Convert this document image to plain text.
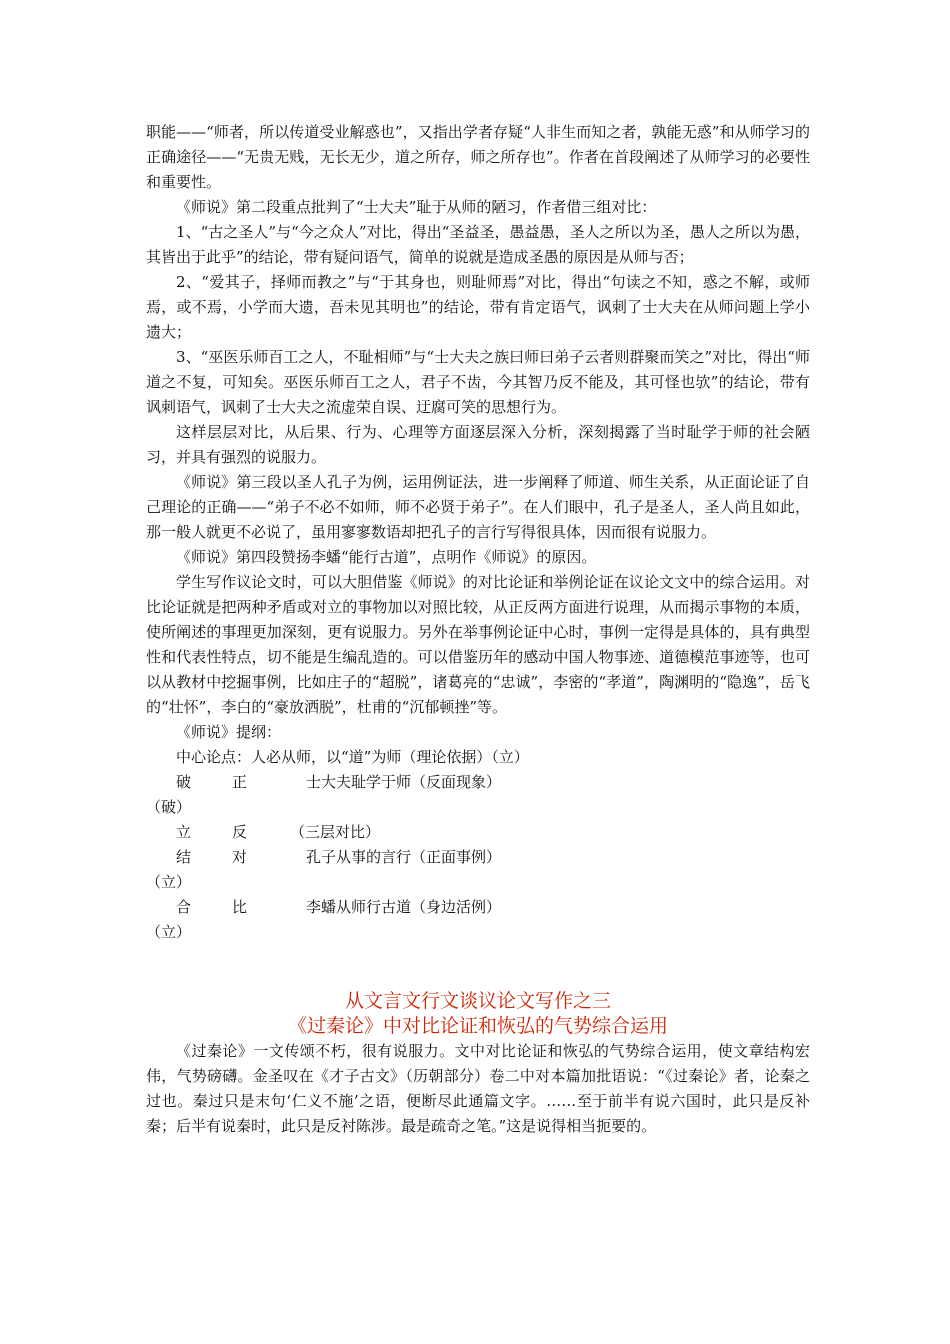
职能——“师者，所以传道受业解惑也”，又指出学者存疑“人非生而知之者，孰能无惑”和从师学习的正确途径——“无贵无贱，无长无少，道之所存，师之所存也”。作者在首段阐述了从师学习的必要性和重要性。

《师说》第二段重点批判了“士大夫”耻于从师的陋习，作者借三组对比：

1、“古之圣人”与“今之众人”对比，得出“圣益圣，愚益愚，圣人之所以为圣，愚人之所以为愚，其皆出于此乎”的结论，带有疑问语气，简单的说就是造成圣愚的原因是从师与否；

2、“爱其子，择师而教之”与“于其身也，则耻师焉”对比，得出“句读之不知，惑之不解，或师焉，或不焉，小学而大遗，吾未见其明也”的结论，带有肯定语气，讽刺了士大夫在从师问题上学小遗大；

3、“巫医乐师百工之人，不耻相师”与“士大夫之族曰师曰弟子云者则群聚而笑之”对比，得出“师道之不复，可知矣。巫医乐师百工之人，君子不齿，今其智乃反不能及，其可怪也欤”的结论，带有讽刺语气，讽刺了士大夫之流虚荣自误、迂腐可笑的思想行为。

这样层层对比，从后果、行为、心理等方面逐层深入分析，深刻揭露了当时耻学于师的社会陋习，并具有强烈的说服力。

《师说》第三段以圣人孔子为例，运用例证法，进一步阐释了师道、师生关系，从正面论证了自己理论的正确——“弟子不必不如师，师不必贤于弟子”。在人们眼中，孔子是圣人，圣人尚且如此，那一般人就更不必说了，虽用寥寥数语却把孔子的言行写得很具体，因而很有说服力。

《师说》第四段赞扬李蟠“能行古道”，点明作《师说》的原因。

学生写作议论文时，可以大胆借鉴《师说》的对比论证和举例论证在议论文文中的综合运用。对比论证就是把两种矛盾或对立的事物加以对照比较，从正反两方面进行说理，从而揭示事物的本质，使所阐述的事理更加深刻，更有说服力。另外在举事例论证中心时，事例一定得是具体的，具有典型性和代表性特点，切不能是生编乱造的。可以借鉴历年的感动中国人物事迹、道德模范事迹等，也可以从教材中挖掘事例，比如庄子的“超脱”，诸葛亮的“忠诚”，李密的“孝道”，陶渊明的“隐逸”，岳飞的“壮怀”，李白的“豪放洒脱”，杜甫的“沉郁顿挫”等。

《师说》提纲：

中心论点：人必从师，以“道”为师（理论依据）（立）

破	正	士大夫耻学于师（反面现象）
（破）
立	反	（三层对比）
结	对	孔子从事的言行（正面事例）
（立）
合	比	李蟠从师行古道（身边活例）
（立）
从文言文行文谈议论文写作之三
《过秦论》中对比论证和恢弘的气势综合运用

《过秦论》一文传颂不朽，很有说服力。文中对比论证和恢弘的气势综合运用，使文章结构宏伟，气势磅礴。金圣叹在《才子古文》（历朝部分）卷二中对本篇加批语说：“《过秦论》者，论秦之过也。秦过只是末句‘仁义不施’之语，便断尽此通篇文字。……至于前半有说六国时，此只是反补秦；后半有说秦时，此只是反衬陈涉。最是疏奇之笔。”这是说得相当扼要的。
